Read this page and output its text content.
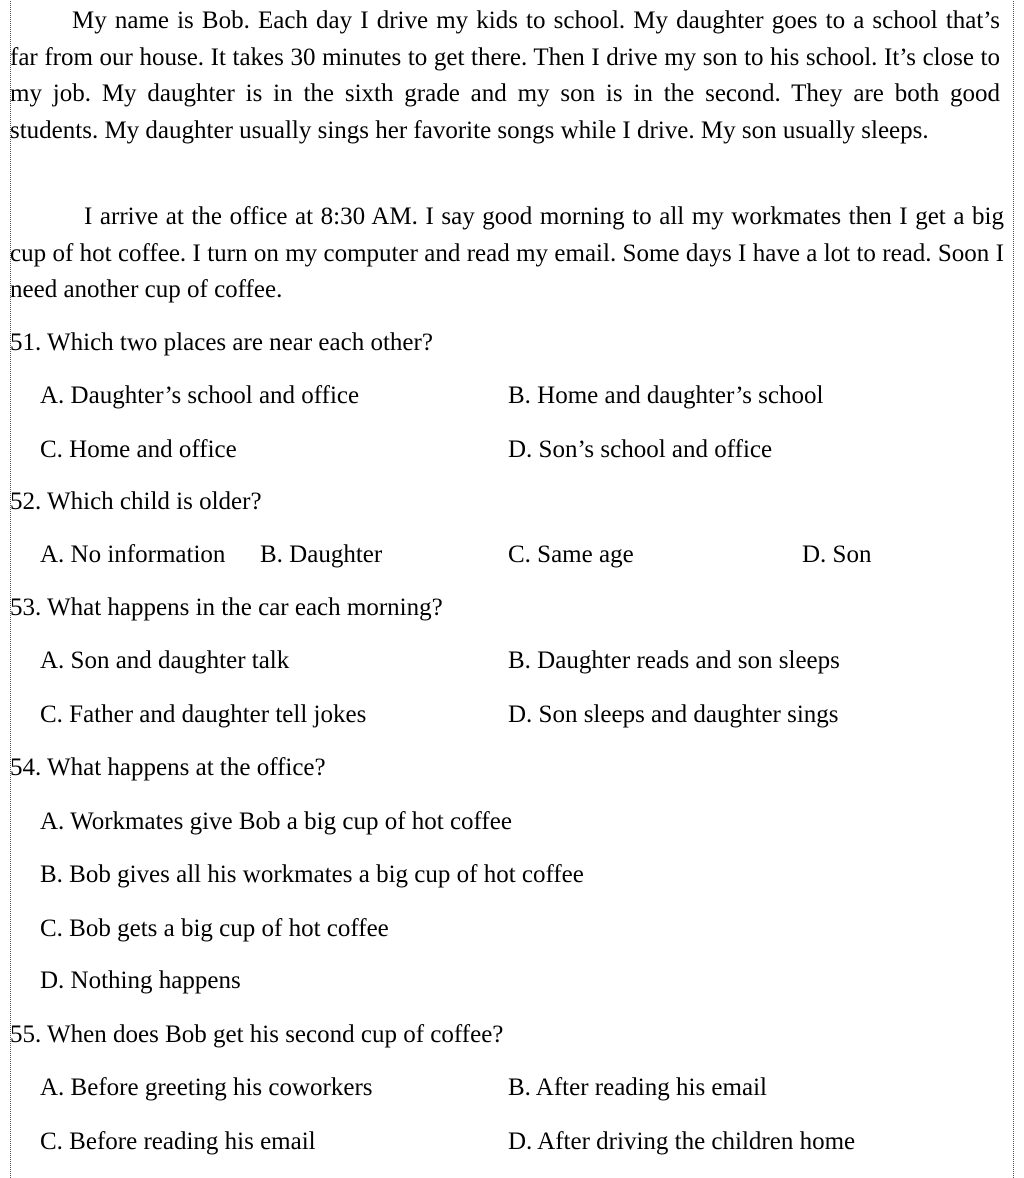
My name is Bob. Each day I drive my kids to school. My daughter goes to a school that’s far from our house. It takes 30 minutes to get there. Then I drive my son to his school. It’s close to my job. My daughter is in the sixth grade and my son is in the second. They are both good students. My daughter usually sings her favorite songs while I drive. My son usually sleeps.

I arrive at the office at 8:30 AM. I say good morning to all my workmates then I get a big cup of hot coffee. I turn on my computer and read my email. Some days I have a lot to read. Soon I need another cup of coffee.

51. Which two places are near each other?
A. Daughter’s school and office	B. Home and daughter’s school
C. Home and office	D. Son’s school and office
52. Which child is older?
A. No information B. Daughter	C. Same age	D. Son
53. What happens in the car each morning?
A. Son and daughter talk	B. Daughter reads and son sleeps
C. Father and daughter tell jokes	D. Son sleeps and daughter sings
54. What happens at the office?
A. Workmates give Bob a big cup of hot coffee
B. Bob gives all his workmates a big cup of hot coffee
C. Bob gets a big cup of hot coffee
D. Nothing happens
55. When does Bob get his second cup of coffee?
A. Before greeting his coworkers	B. After reading his email
C. Before reading his email	D. After driving the children home
